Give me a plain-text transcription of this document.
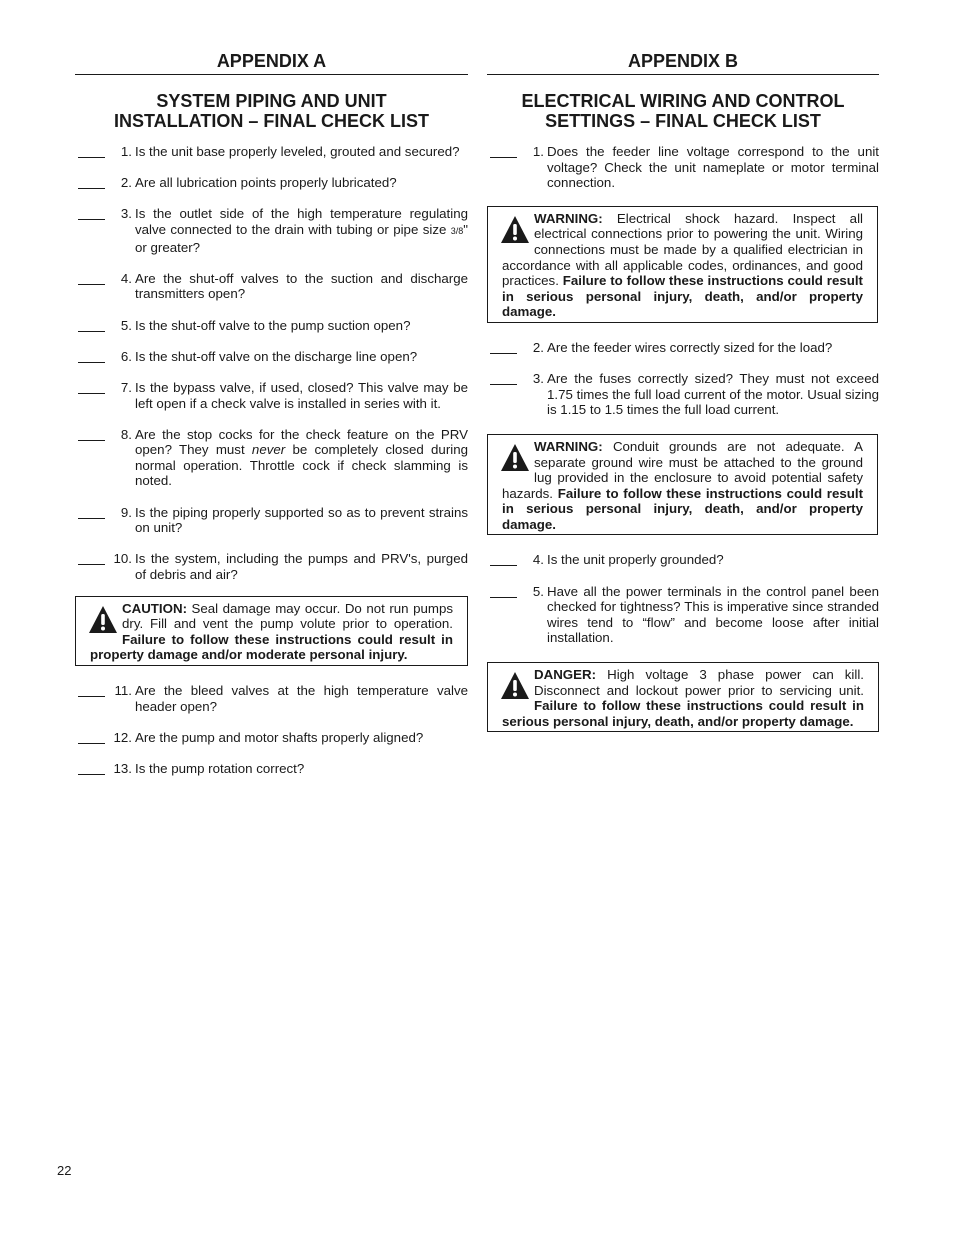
APPENDIX A
SYSTEM PIPING AND UNIT
INSTALLATION – FINAL CHECK LIST
1. Is the unit base properly leveled, grouted and secured?
2. Are all lubrication points properly lubricated?
3. Is the outlet side of the high temperature regulating valve connected to the drain with tubing or pipe size 3/8" or greater?
4. Are the shut-off valves to the suction and discharge transmitters open?
5. Is the shut-off valve to the pump suction open?
6. Is the shut-off valve on the discharge line open?
7. Is the bypass valve, if used, closed? This valve may be left open if a check valve is installed in series with it.
8. Are the stop cocks for the check feature on the PRV open? They must never be completely closed during normal operation. Throttle cock if check slamming is noted.
9. Is the piping properly supported so as to prevent strains on unit?
10. Is the system, including the pumps and PRV's, purged of debris and air?
CAUTION: Seal damage may occur. Do not run pumps dry. Fill and vent the pump volute prior to operation. Failure to follow these instructions could result in property damage and/or moderate personal injury.
11. Are the bleed valves at the high temperature valve header open?
12. Are the pump and motor shafts properly aligned?
13. Is the pump rotation correct?
APPENDIX B
ELECTRICAL WIRING AND CONTROL
SETTINGS – FINAL CHECK LIST
1. Does the feeder line voltage correspond to the unit voltage? Check the unit nameplate or motor terminal connection.
WARNING: Electrical shock hazard. Inspect all electrical connections prior to powering the unit. Wiring connections must be made by a qualified electrician in accordance with all applicable codes, ordinances, and good practices. Failure to follow these instructions could result in serious personal injury, death, and/or property damage.
2. Are the feeder wires correctly sized for the load?
3. Are the fuses correctly sized? They must not exceed 1.75 times the full load current of the motor. Usual sizing is 1.15 to 1.5 times the full load current.
WARNING: Conduit grounds are not adequate. A separate ground wire must be attached to the ground lug provided in the enclosure to avoid potential safety hazards. Failure to follow these instructions could result in serious personal injury, death, and/or property damage.
4. Is the unit properly grounded?
5. Have all the power terminals in the control panel been checked for tightness? This is imperative since stranded wires tend to “flow” and become loose after initial installation.
DANGER: High voltage 3 phase power can kill. Disconnect and lockout power prior to servicing unit. Failure to follow these instructions could result in serious personal injury, death, and/or property damage.
22
